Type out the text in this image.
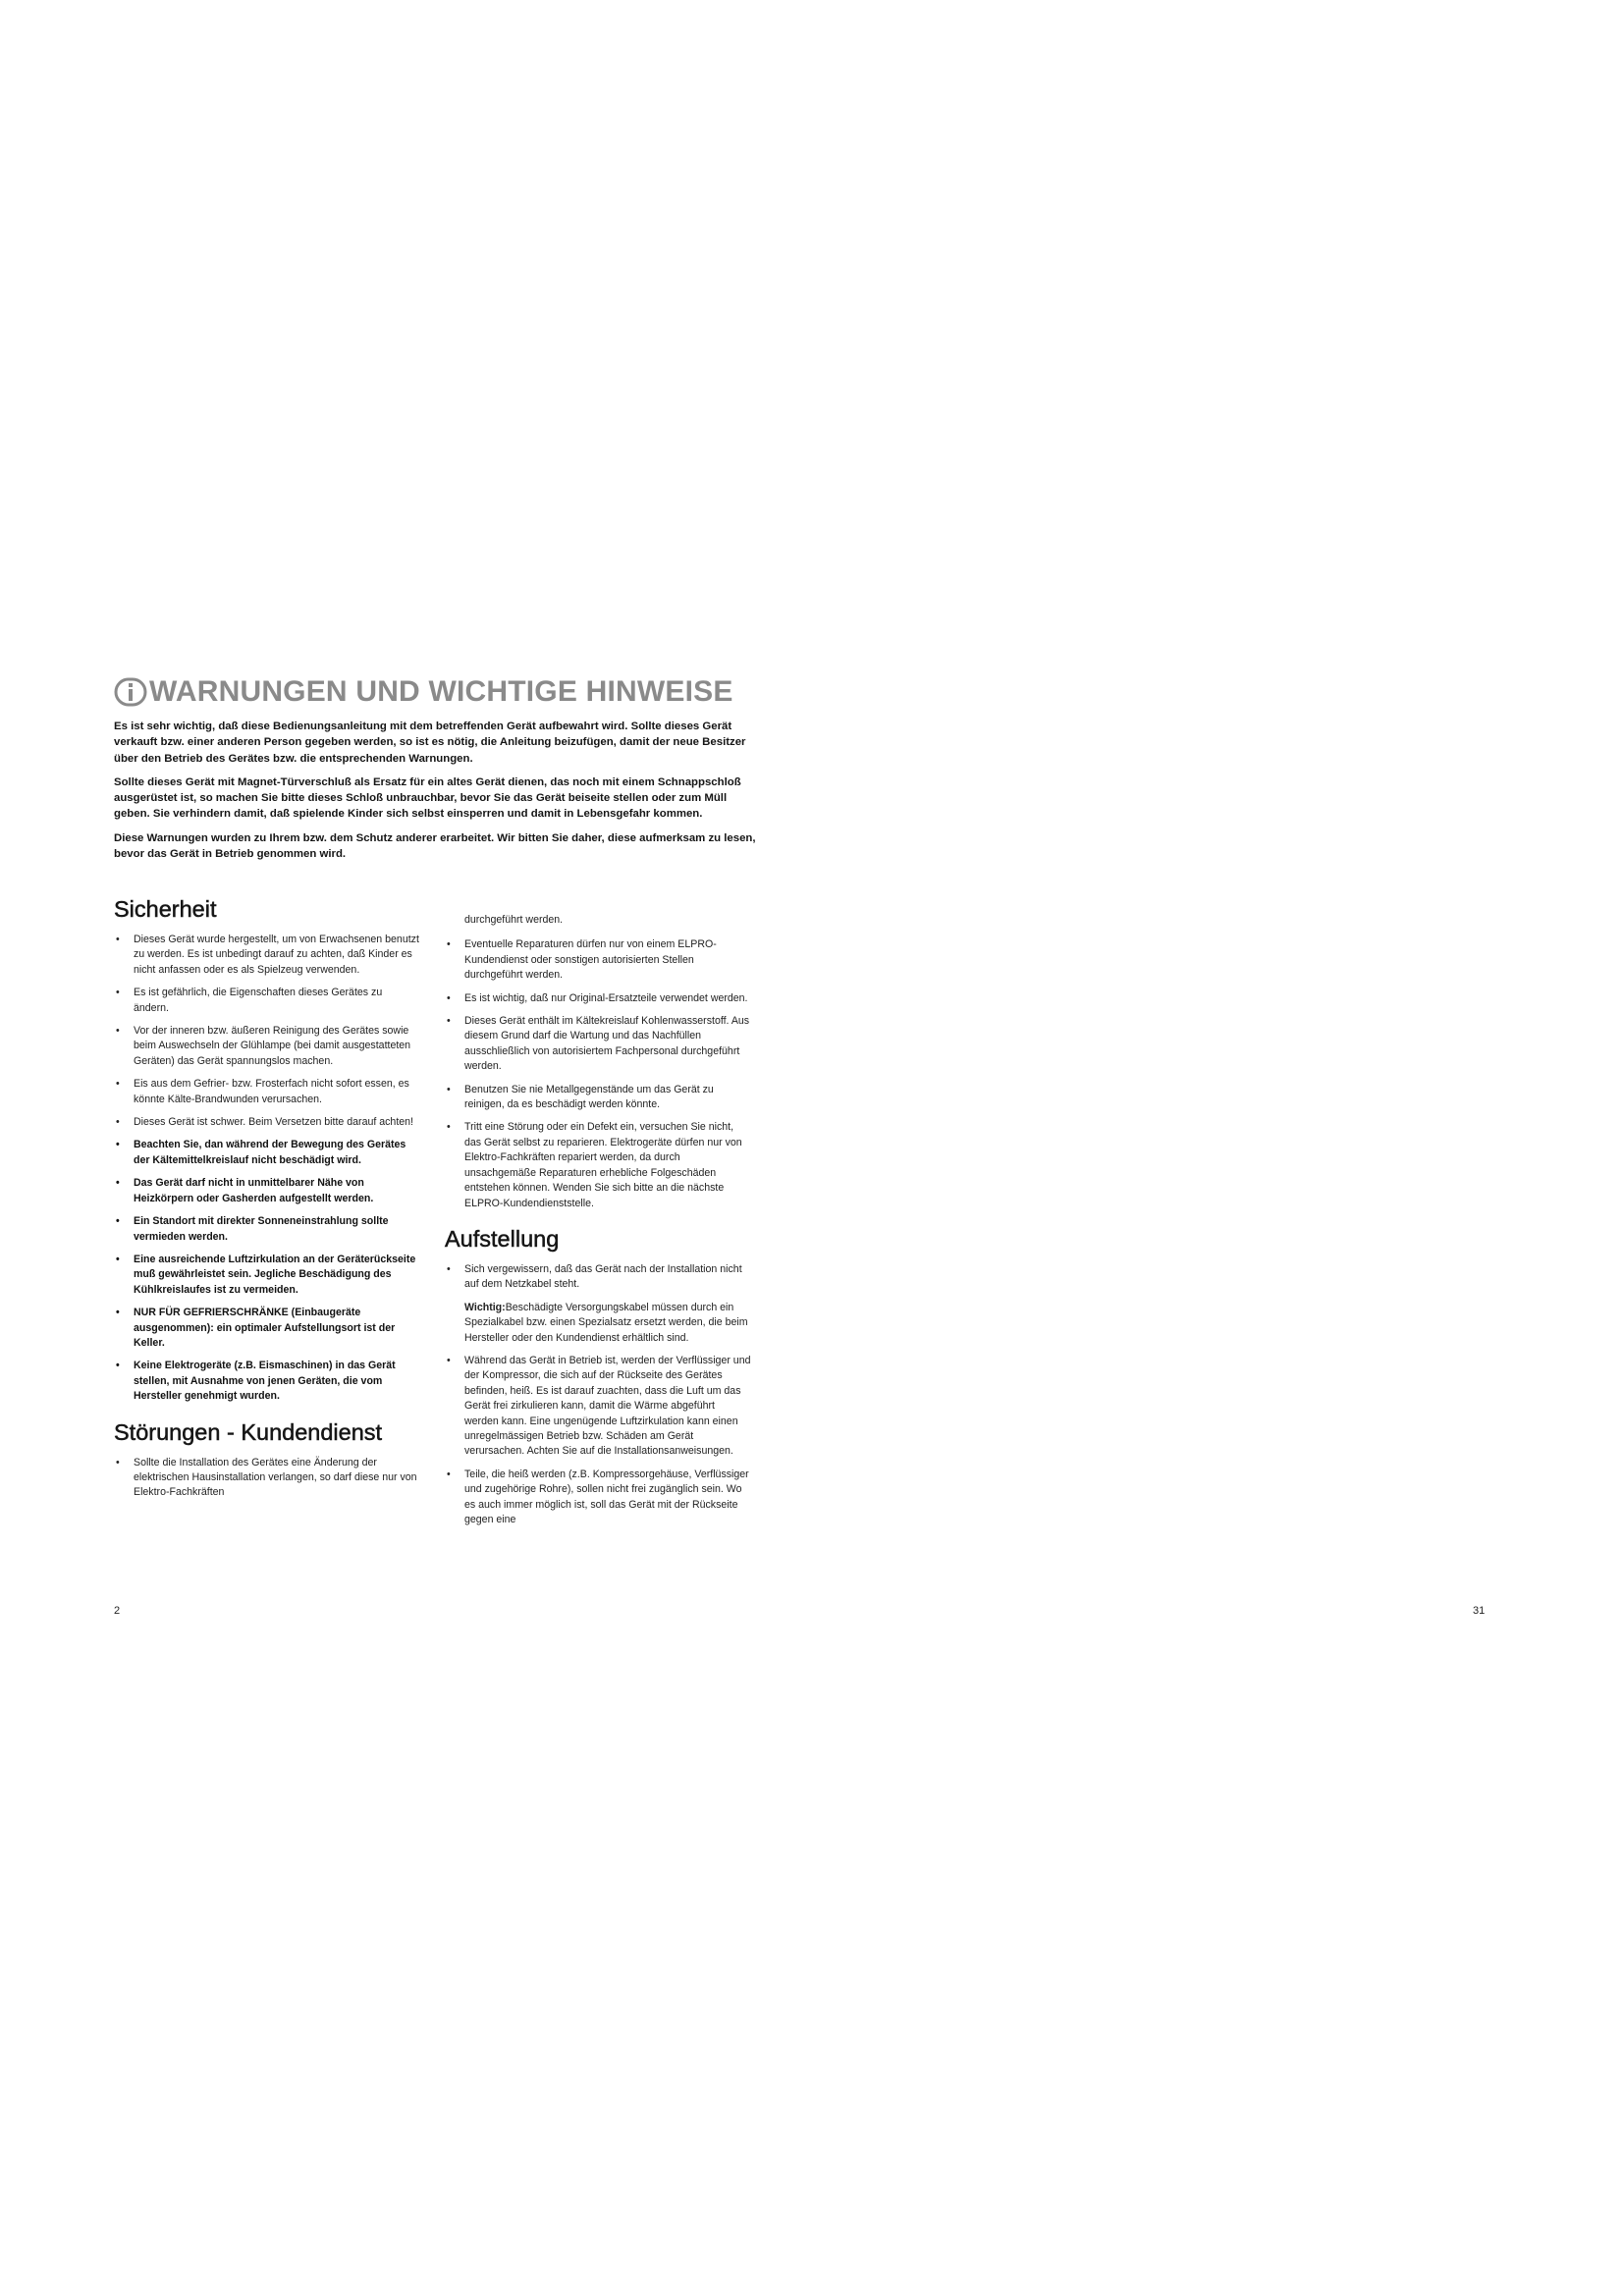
WARNUNGEN UND WICHTIGE HINWEISE

Es ist sehr wichtig, daß diese Bedienungsanleitung mit dem betreffenden Gerät aufbewahrt wird. Sollte dieses Gerät verkauft bzw. einer anderen Person gegeben werden, so ist es nötig, die Anleitung beizufügen, damit der neue Besitzer über den Betrieb des Gerätes bzw. die entsprechenden Warnungen.

Sollte dieses Gerät mit Magnet-Türverschluß als Ersatz für ein altes Gerät dienen, das noch mit einem Schnappschloß ausgerüstet ist, so machen Sie bitte dieses Schloß unbrauchbar, bevor Sie das Gerät beiseite stellen oder zum Müll geben. Sie verhindern damit, daß spielende Kinder sich selbst einsperren und damit in Lebensgefahr kommen.

Diese Warnungen wurden zu Ihrem bzw. dem Schutz anderer erarbeitet. Wir bitten Sie daher, diese aufmerksam zu lesen, bevor das Gerät in Betrieb genommen wird.

Sicherheit
• Dieses Gerät wurde hergestellt, um von Erwachsenen benutzt zu werden. Es ist unbedingt darauf zu achten, daß Kinder es nicht anfassen oder es als Spielzeug verwenden.
• Es ist gefährlich, die Eigenschaften dieses Gerätes zu ändern.
• Vor der inneren bzw. äußeren Reinigung des Gerätes sowie beim Auswechseln der Glühlampe (bei damit ausgestatteten Geräten) das Gerät spannungslos machen.
• Eis aus dem Gefrier- bzw. Frosterfach nicht sofort essen, es könnte Kälte-Brandwunden verursachen.
• Dieses Gerät ist schwer. Beim Versetzen bitte darauf achten!
• Beachten Sie, dan während der Bewegung des Gerätes der Kältemittelkreislauf nicht beschädigt wird.
• Das Gerät darf nicht in unmittelbarer Nähe von Heizkörpern oder Gasherden aufgestellt werden.
• Ein Standort mit direkter Sonneneinstrahlung sollte vermieden werden.
• Eine ausreichende Luftzirkulation an der Geräterückseite muß gewährleistet sein. Jegliche Beschädigung des Kühlkreislaufes ist zu vermeiden.
• NUR FÜR GEFRIERSCHRÄNKE (Einbaugeräte ausgenommen): ein optimaler Aufstellungsort ist der Keller.
• Keine Elektrogeräte (z.B. Eismaschinen) in das Gerät stellen, mit Ausnahme von jenen Geräten, die vom Hersteller genehmigt wurden.
Störungen - Kundendienst
• Sollte die Installation des Gerätes eine Änderung der elektrischen Hausinstallation verlangen, so darf diese nur von Elektro-Fachkräften
durchgeführt werden.
• Eventuelle Reparaturen dürfen nur von einem ELPRO-Kundendienst oder sonstigen autorisierten Stellen durchgeführt werden.
• Es ist wichtig, daß nur Original-Ersatzteile verwendet werden.
• Dieses Gerät enthält im Kältekreislauf Kohlenwasserstoff. Aus diesem Grund darf die Wartung und das Nachfüllen ausschließlich von autorisiertem Fachpersonal durchgeführt werden.
• Benutzen Sie nie Metallgegenstände um das Gerät zu reinigen, da es beschädigt werden könnte.
• Tritt eine Störung oder ein Defekt ein, versuchen Sie nicht, das Gerät selbst zu reparieren. Elektrogeräte dürfen nur von Elektro-Fachkräften repariert werden, da durch unsachgemäße Reparaturen erhebliche Folgeschäden entstehen können. Wenden Sie sich bitte an die nächste ELPRO-Kundendienststelle.
Aufstellung
• Sich vergewissern, daß das Gerät nach der Installation nicht auf dem Netzkabel steht.
Wichtig:Beschädigte Versorgungskabel müssen durch ein Spezialkabel bzw. einen Spezialsatz ersetzt werden, die beim Hersteller oder den Kundendienst erhältlich sind.
• Während das Gerät in Betrieb ist, werden der Verflüssiger und der Kompressor, die sich auf der Rückseite des Gerätes befinden, heiß. Es ist darauf zuachten, dass die Luft um das Gerät frei zirkulieren kann, damit die Wärme abgeführt werden kann. Eine ungenügende Luftzirkulation kann einen unregelmässigen Betrieb bzw. Schäden am Gerät verursachen. Achten Sie auf die Installationsanweisungen.
• Teile, die heiß werden (z.B. Kompressorgehäuse, Verflüssiger und zugehörige Rohre), sollen nicht frei zugänglich sein. Wo es auch immer möglich ist, soll das Gerät mit der Rückseite gegen eine
2	31
